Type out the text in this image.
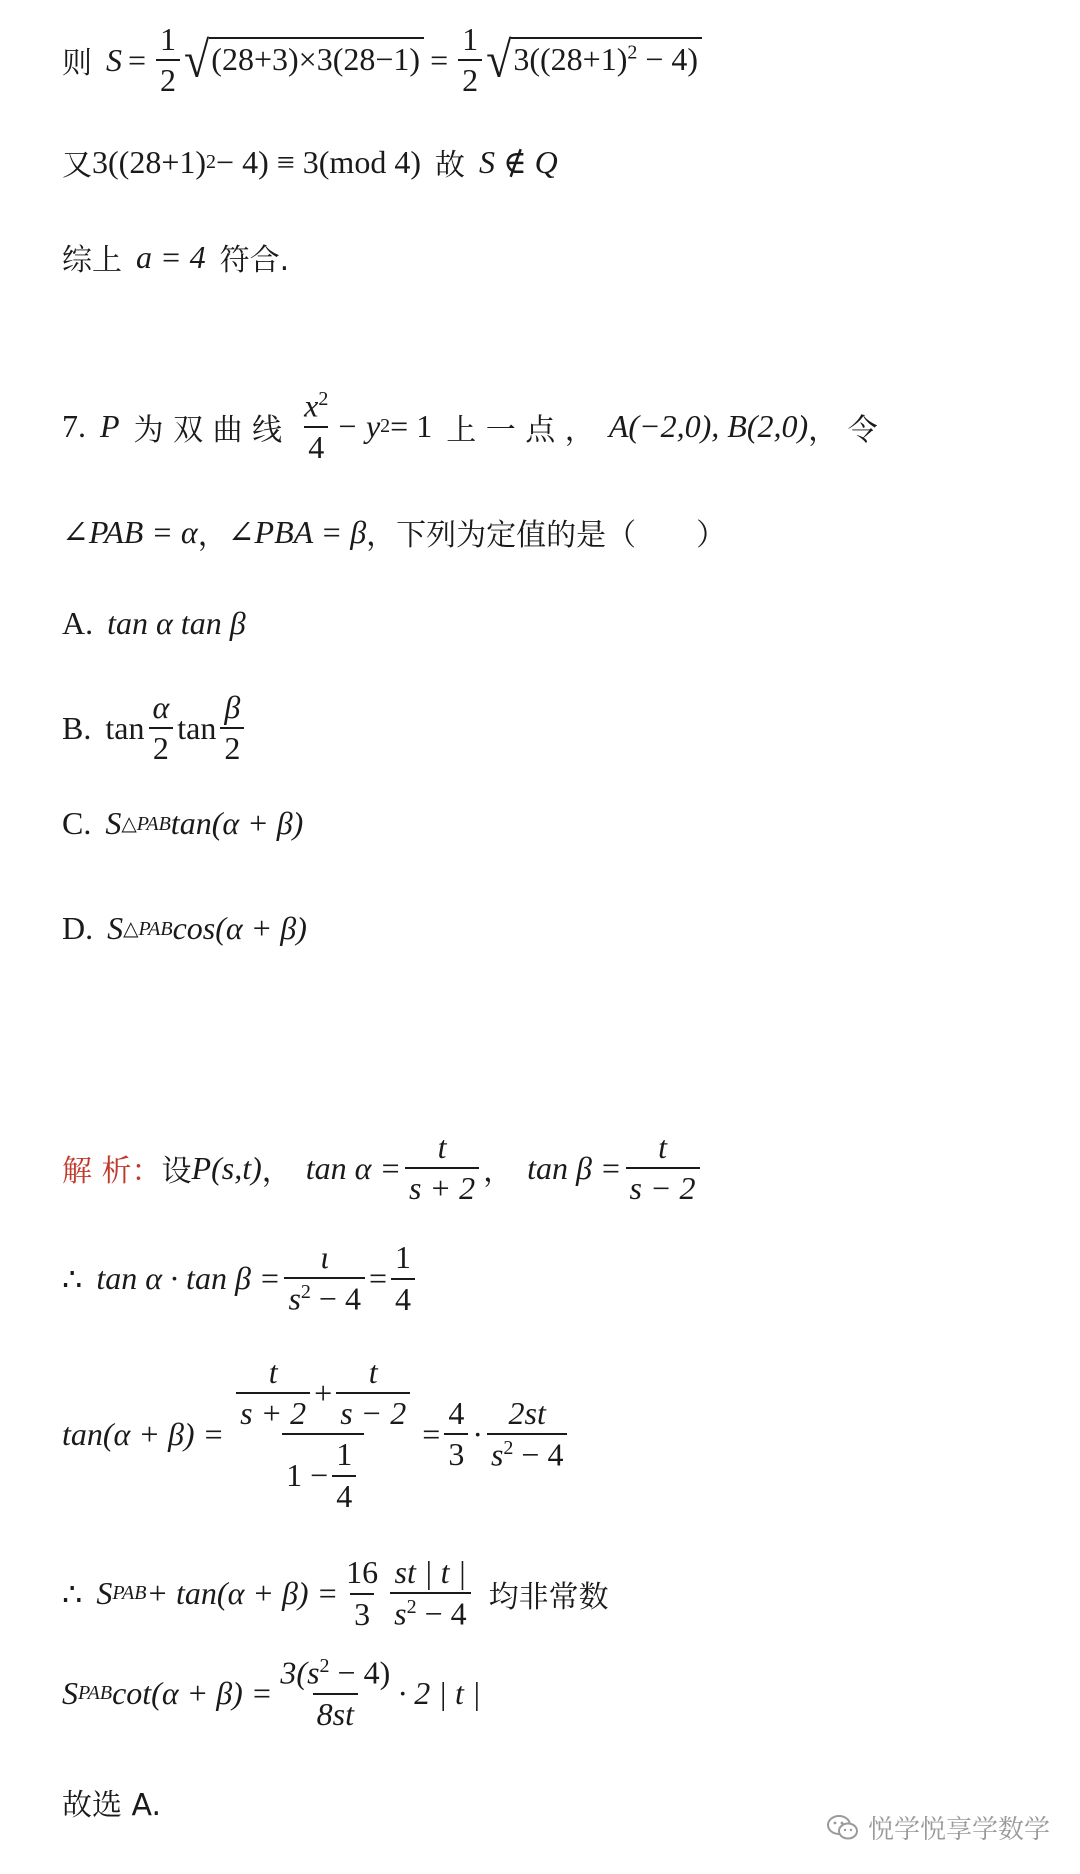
则 $S = \frac{1}{2}$ √ $(28+3)\times 3(28-1) = \frac{1}{2}$ √ $3((28+1)^2 - 4)$
又 3((28+1) 2 − 4) ≡ 3(mod 4) 故 S ∉ Q
综上 a = 4 符合.
7. P 为 双 曲 线 $\frac{x^2}{4} - y$ 2 = 1 上 一 点 ， A(−2,0), B(2,0) ， 令
∠PAB = α ， ∠PBA = β ，下列为定值的是（　　）
A. tan α tan β
B. $\tan \frac{\alpha}{2}$ $\tan \frac{\beta}{2}$
C. S △PAB tan(α + β)
D. S △PAB cos(α + β)
解 析： 设 P(s,t) ， $\tan \alpha = \frac{t}{s + 2}$ ， $\tan \beta = \frac{t}{s - 2}$
∴ $\tan \alpha \cdot \tan \beta = \frac{\iota}{s^2 - 4} = \frac{1}{4}$
$\tan(\alpha + \beta) = \frac{\frac{t}{s + 2} + \frac{t}{s - 2}}{1 - \frac{1}{4}} = \frac{4}{3} \cdot \frac{2st}{s^2 - 4}$
∴ S PAB + $\tan(\alpha + \beta) = \frac{16}{3} \frac{st | t |}{s^2 - 4}$ 均非常数
S PAB $\cot(\alpha + \beta) = \frac{3(s^2 - 4)}{8st} \cdot 2$ | t |
故选 A.
悦学悦享学数学
